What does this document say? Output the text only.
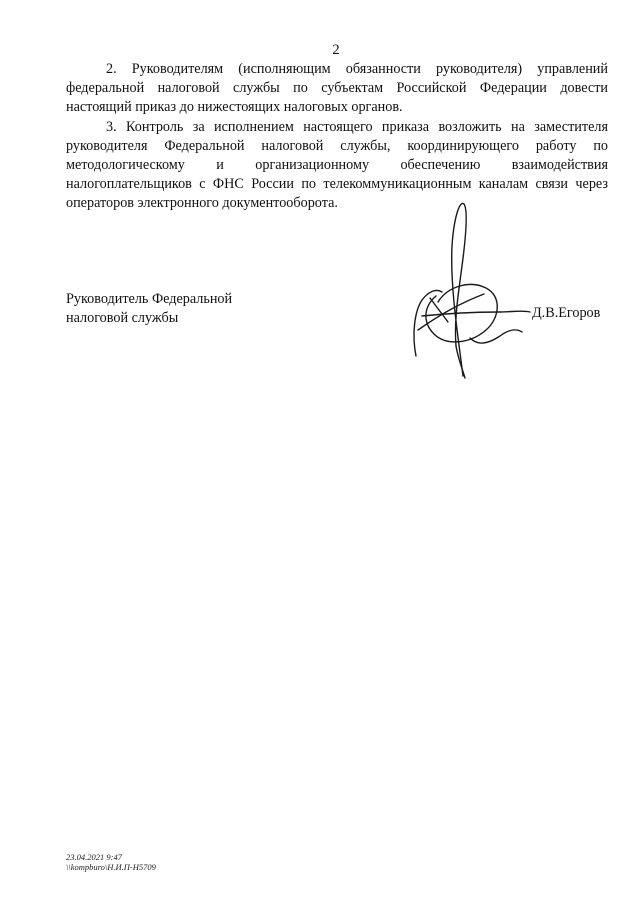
2

2. Руководителям (исполняющим обязанности руководителя) управлений федеральной налоговой службы по субъектам Российской Федерации довести настоящий приказ до нижестоящих налоговых органов.

3. Контроль за исполнением настоящего приказа возложить на заместителя руководителя Федеральной налоговой службы, координирующего работу по методологическому и организационному обеспечению взаимодействия налогоплательщиков с ФНС России по телекоммуникационным каналам связи через операторов электронного документооборота.

Руководитель Федеральной
налоговой службы	Д.В.Егоров
23.04.2021 9:47
\\kompburo\Н.И.П-Н5709
